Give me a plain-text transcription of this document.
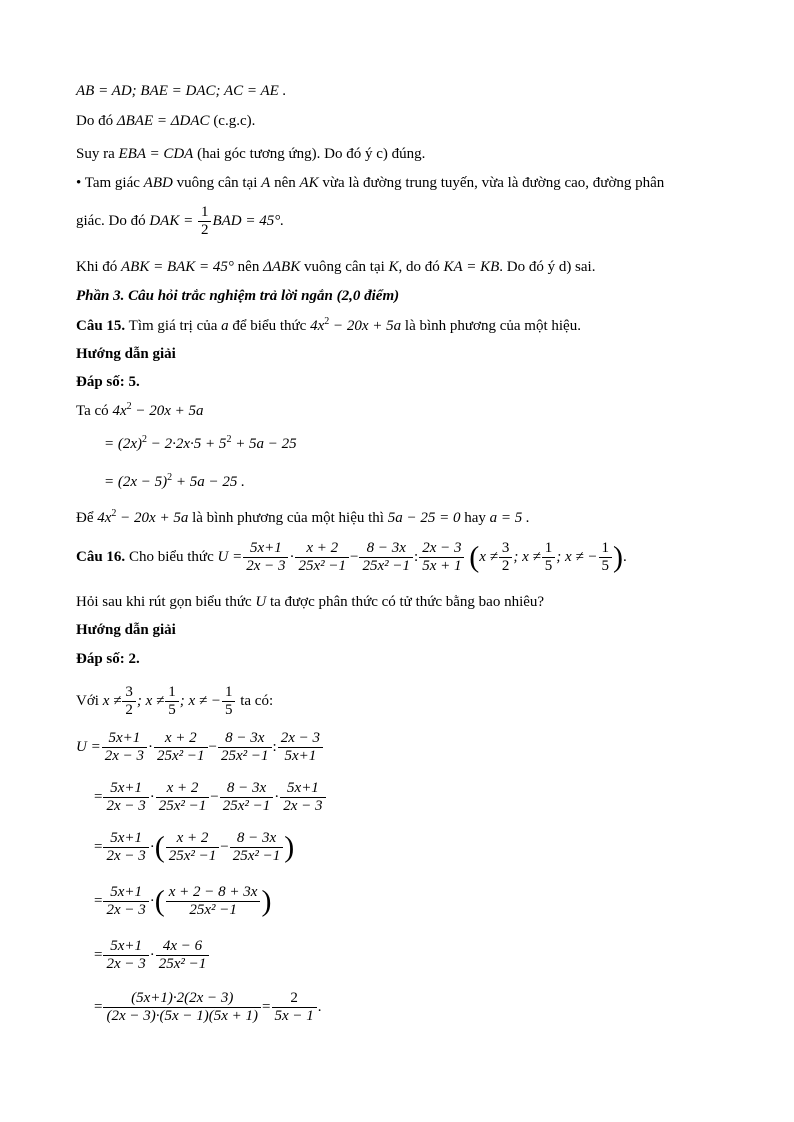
AB = AD; BAE = DAC; AC = AE .
Do đó ΔBAE = ΔDAC (c.g.c).
Suy ra EBA = CDA (hai góc tương ứng). Do đó ý c) đúng.
• Tam giác ABD vuông cân tại A nên AK vừa là đường trung tuyến, vừa là đường cao, đường phân
giác. Do đó DAK = $\frac{1}{2}$ BAD = 45°.
Khi đó ABK = BAK = 45° nên ΔABK vuông cân tại K, do đó KA = KB. Do đó ý d) sai.
Phần 3. Câu hỏi trắc nghiệm trả lời ngắn (2,0 điểm)
Câu 15. Tìm giá trị của a để biểu thức $4x^2 - 20x + 5a$ là bình phương của một hiệu.
Hướng dẫn giải
Đáp số: 5.
Ta có $4x^2 - 20x + 5a$
= $(2x)^2 - 2\cdot 2x\cdot 5 + 5^2 + 5a - 25$
= $(2x - 5)^2 + 5a - 25$ .
Để $4x^2 - 20x + 5a$ là bình phương của một hiệu thì 5a − 25 = 0 hay a = 5 .
Câu 16. Cho biểu thức $U = \frac{5x+1}{2x - 3} \cdot \frac{x + 2}{\text{25x² −1}} - \frac{8 - 3x}{\text{25x² −1}}$ : $\frac{2x - 3}{5x + 1} (x \ne \frac{3}{2}$ ; $x \ne \frac{1}{5}$ ; x ≠ − $\frac{1}{5}$ ).
Hỏi sau khi rút gọn biểu thức U ta được phân thức có tử thức bằng bao nhiêu?
Hướng dẫn giải
Đáp số: 2.
Với $x \ne \frac{3}{2}$ ; $x \ne \frac{1}{5}$ ; x ≠ − $\frac{1}{5}$ ta có:
$U = \frac{5x+1}{2x - 3} \cdot \frac{x + 2}{\text{25x² −1}} - \frac{8 - 3x}{\text{25x² −1}}$ : $\frac{2x - 3}{5x+1}$
= $\frac{5x+1}{2x - 3} \cdot \frac{x + 2}{\text{25x² −1}} - \frac{8 - 3x}{\text{25x² −1}} \cdot \frac{5x+1}{2x - 3}$
= $\frac{5x+1}{2x - 3}$ ·( $\frac{x + 2}{\text{25x² −1}} - \frac{8 - 3x}{\text{25x² −1}}$ )
= $\frac{5x+1}{2x - 3}$ ·( $\frac{x + 2 - 8 + 3x}{\text{25x² −1}}$ )
= $\frac{5x+1}{2x - 3} \cdot \frac{4x - 6}{\text{25x² −1}}$
= $\frac{(5x+1)\cdot 2(2x - 3)}{(2x - 3)\cdot(5x - 1)(5x + 1)} = \frac{2}{5x - 1}$ .
